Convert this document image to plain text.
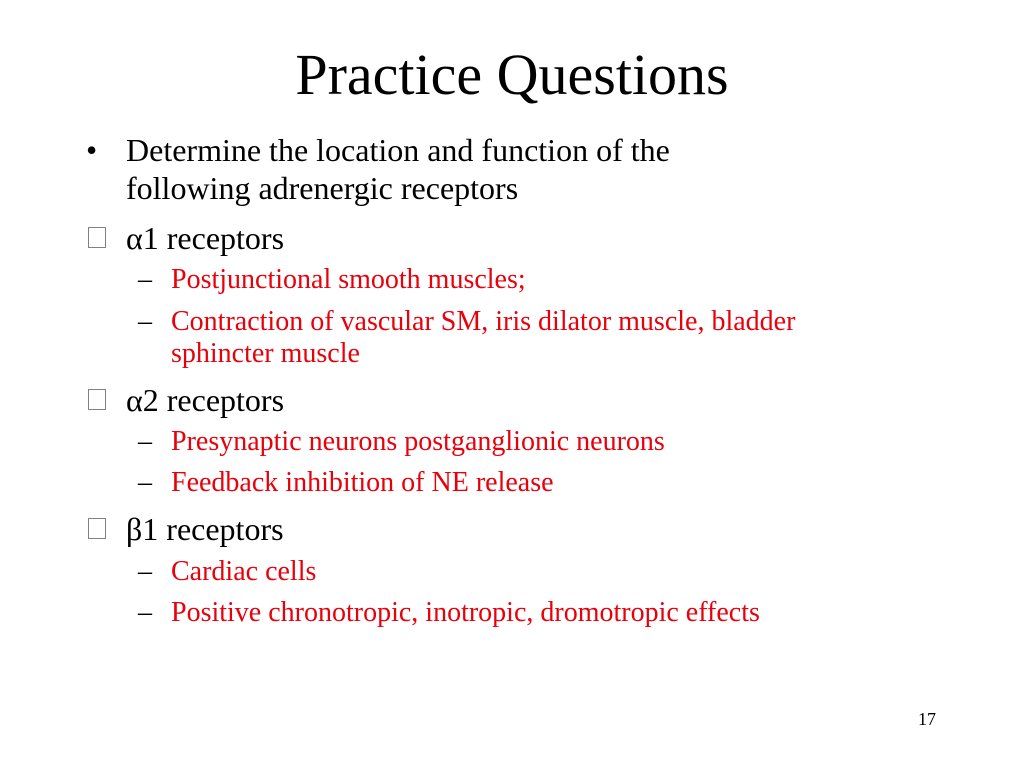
Practice Questions
• Determine the location and function of the
following adrenergic receptors
α1 receptors
– Postjunctional smooth muscles;
– Contraction of vascular SM, iris dilator muscle, bladder
sphincter muscle
α2 receptors
– Presynaptic neurons postganglionic neurons
– Feedback inhibition of NE release
β1 receptors
– Cardiac cells
– Positive chronotropic, inotropic, dromotropic effects
17
